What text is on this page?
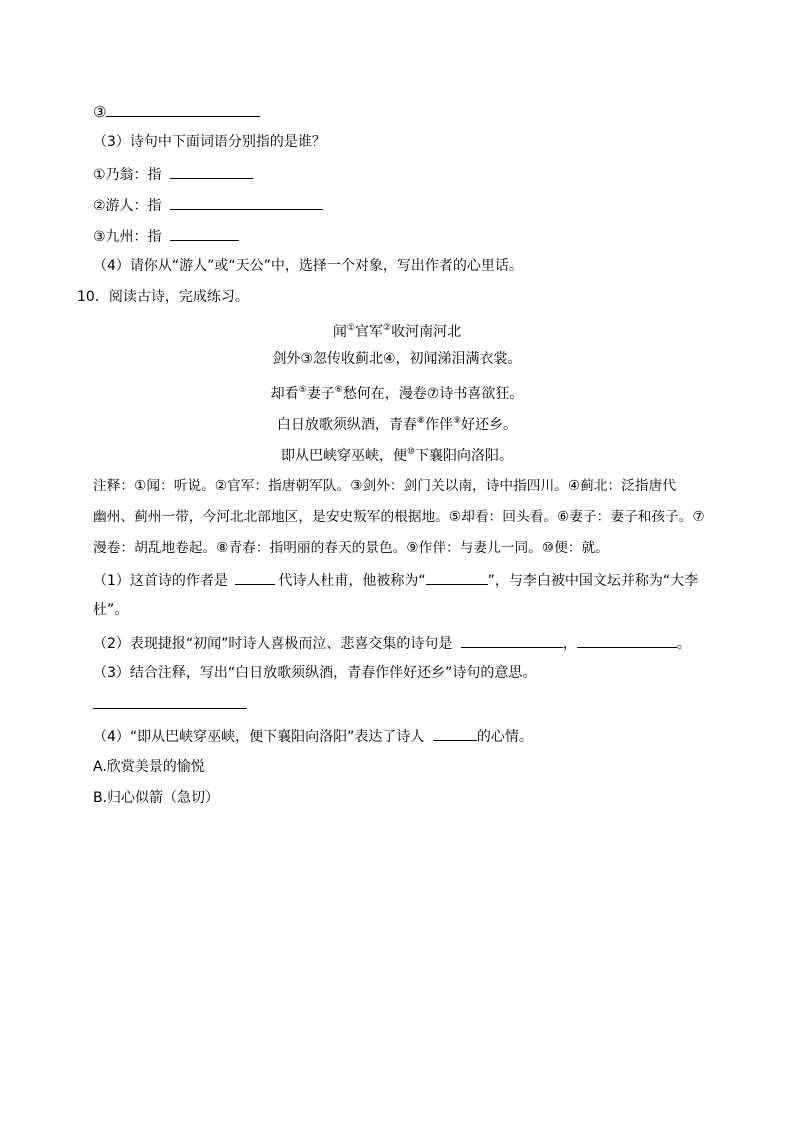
③
（3）诗句中下面词语分别指的是谁？
①乃翁：指
②游人：指
③九州：指
（4）请你从“游人”或“天公”中，选择一个对象，写出作者的心里话。
10．阅读古诗，完成练习。
闻①官军②收河南河北
剑外③忽传收蓟北④，初闻涕泪满衣裳。
却看⑤妻子⑥愁何在，漫卷⑦诗书喜欲狂。
白日放歌须纵酒，青春⑧作伴⑨好还乡。
即从巴峡穿巫峡，便⑩下襄阳向洛阳。
注释：①闻：听说。②官军：指唐朝军队。③剑外：剑门关以南，诗中指四川。④蓟北：泛指唐代
幽州、蓟州一带，今河北北部地区，是安史叛军的根据地。⑤却看：回头看。⑥妻子：妻子和孩子。⑦
漫卷：胡乱地卷起。⑧青春：指明丽的春天的景色。⑨作伴：与妻儿一同。⑩便：就。
（1）这首诗的作者是	代诗人杜甫，他被称为“	”，与李白被中国文坛并称为“大李
杜”。
（2）表现捷报“初闻”时诗人喜极而泣、悲喜交集的诗句是	，	。
（3）结合注释，写出“白日放歌须纵酒，青春作伴好还乡”诗句的意思。
（4）“即从巴峡穿巫峡，便下襄阳向洛阳”表达了诗人	的心情。
A.欣赏美景的愉悦
B.归心似箭（急切）
